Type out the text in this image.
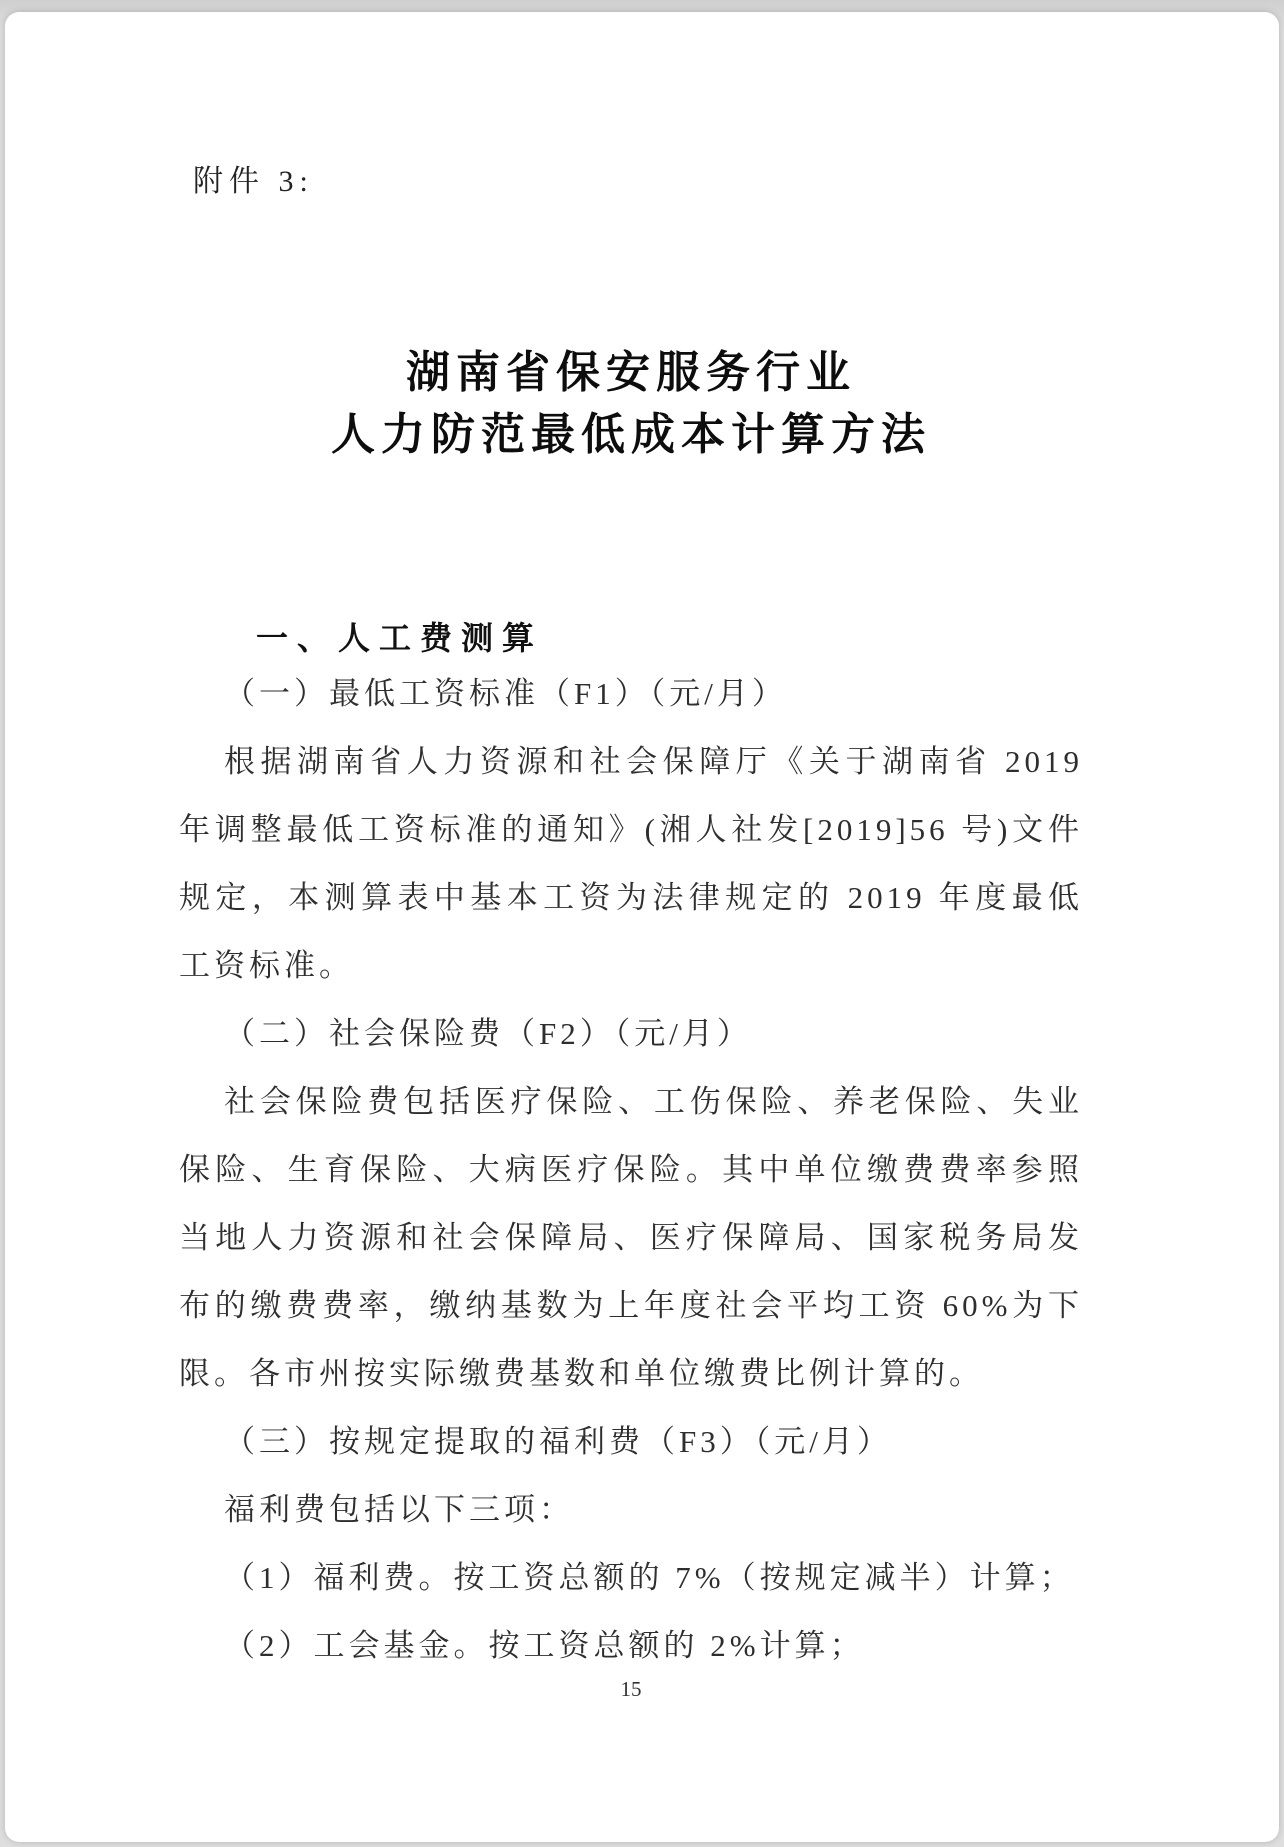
附件 3:

湖南省保安服务行业
人力防范最低成本计算方法
一、人工费测算

（一）最低工资标准（F1）（元/月）

根据湖南省人力资源和社会保障厅《关于湖南省 2019 年调整最低工资标准的通知》(湘人社发[2019]56 号)文件规定，本测算表中基本工资为法律规定的 2019 年度最低工资标准。

（二）社会保险费（F2）（元/月）

社会保险费包括医疗保险、工伤保险、养老保险、失业保险、生育保险、大病医疗保险。其中单位缴费费率参照当地人力资源和社会保障局、医疗保障局、国家税务局发布的缴费费率，缴纳基数为上年度社会平均工资 60%为下限。各市州按实际缴费基数和单位缴费比例计算的。

（三）按规定提取的福利费（F3）（元/月）

福利费包括以下三项：

（1）福利费。按工资总额的 7%（按规定减半）计算；

（2）工会基金。按工资总额的 2%计算；

15
